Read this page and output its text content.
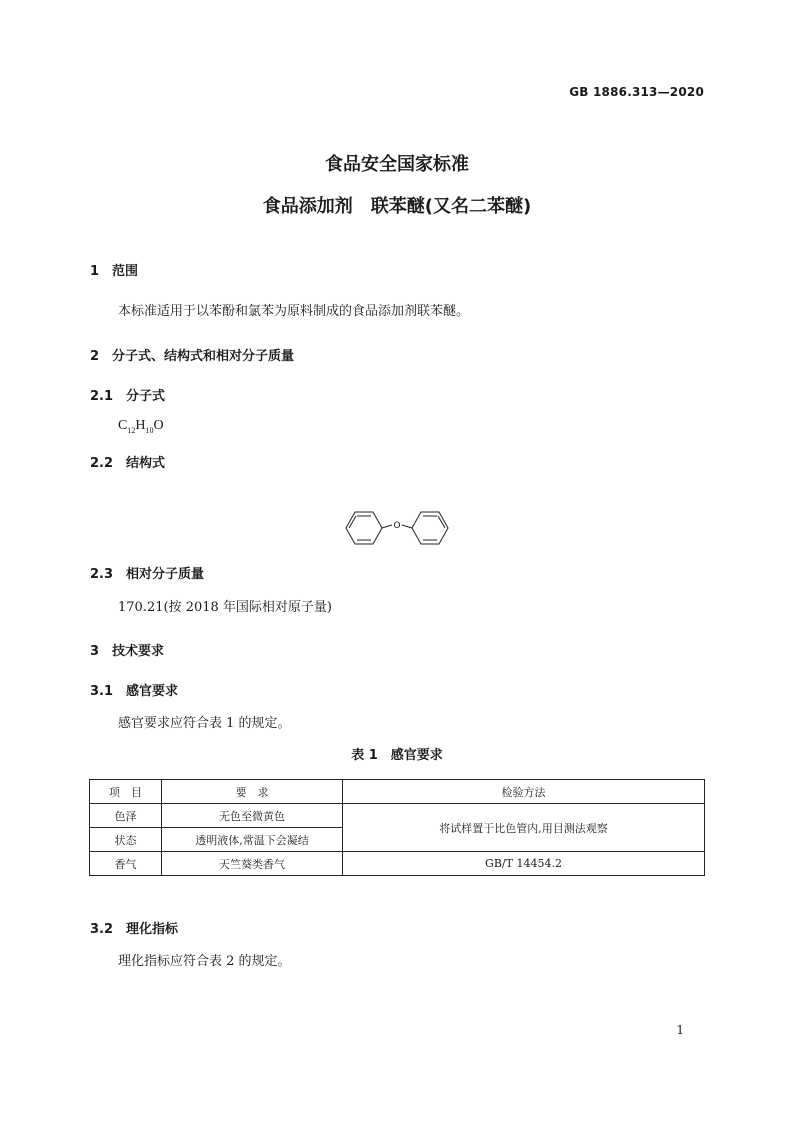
GB 1886.313—2020
食品安全国家标准
食品添加剂　联苯醚(又名二苯醚)
1　范围
本标准适用于以苯酚和氯苯为原料制成的食品添加剂联苯醚。
2　分子式、结构式和相对分子质量
2.1　分子式
$C_{12}H_{10}O$
2.2　结构式
O
2.3　相对分子质量
170.21(按 2018 年国际相对原子量)
3　技术要求
3.1　感官要求
感官要求应符合表 1 的规定。
表 1　感官要求
项　目	要　求	检验方法
色泽	无色至微黄色	将试样置于比色管内,用目测法观察
状态	透明液体,常温下会凝结	
香气	天竺葵类香气	GB/T 14454.2
3.2　理化指标
理化指标应符合表 2 的规定。
1
